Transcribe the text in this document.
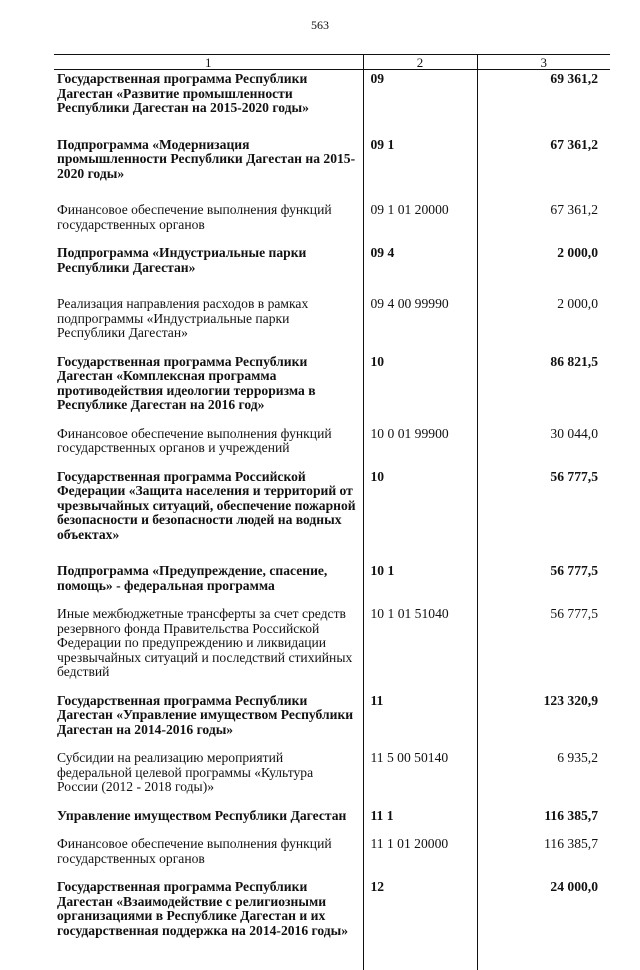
563
1	2	3
Государственная программа Республики Дагестан «Развитие промышленности Республики Дагестан на 2015-2020 годы»	09	69 361,2

Подпрограмма «Модернизация промышленности Республики Дагестан на 2015-2020 годы»	09 1	67 361,2

Финансовое обеспечение выполнения функций государственных органов	09 1 01 20000	67 361,2

Подпрограмма «Индустриальные парки Республики Дагестан»	09 4	2 000,0

Реализация направления расходов в рамках подпрограммы «Индустриальные парки Республики Дагестан»	09 4 00 99990	2 000,0

Государственная программа Республики Дагестан «Комплексная программа противодействия идеологии терроризма в Республике Дагестан на 2016 год»	10	86 821,5

Финансовое обеспечение выполнения функций государственных органов и учреждений	10 0 01 99900	30 044,0

Государственная программа Российской Федерации «Защита населения и территорий от чрезвычайных ситуаций, обеспечение пожарной безопасности и безопасности людей на водных объектах»	10	56 777,5

Подпрограмма «Предупреждение, спасение, помощь» - федеральная программа	10 1	56 777,5

Иные межбюджетные трансферты за счет средств резервного фонда Правительства Российской Федерации по предупреждению и ликвидации чрезвычайных ситуаций и последствий стихийных бедствий	10 1 01 51040	56 777,5

Государственная программа Республики Дагестан «Управление имуществом Республики Дагестан на 2014-2016 годы»	11	123 320,9

Субсидии на реализацию мероприятий федеральной целевой программы «Культура России (2012 - 2018 годы)»	11 5 00 50140	6 935,2

Управление имуществом Республики Дагестан	11 1	116 385,7

Финансовое обеспечение выполнения функций государственных органов	11 1 01 20000	116 385,7

Государственная программа Республики Дагестан «Взаимодействие с религиозными организациями в Республике Дагестан и их государственная поддержка на 2014-2016 годы»	12	24 000,0
